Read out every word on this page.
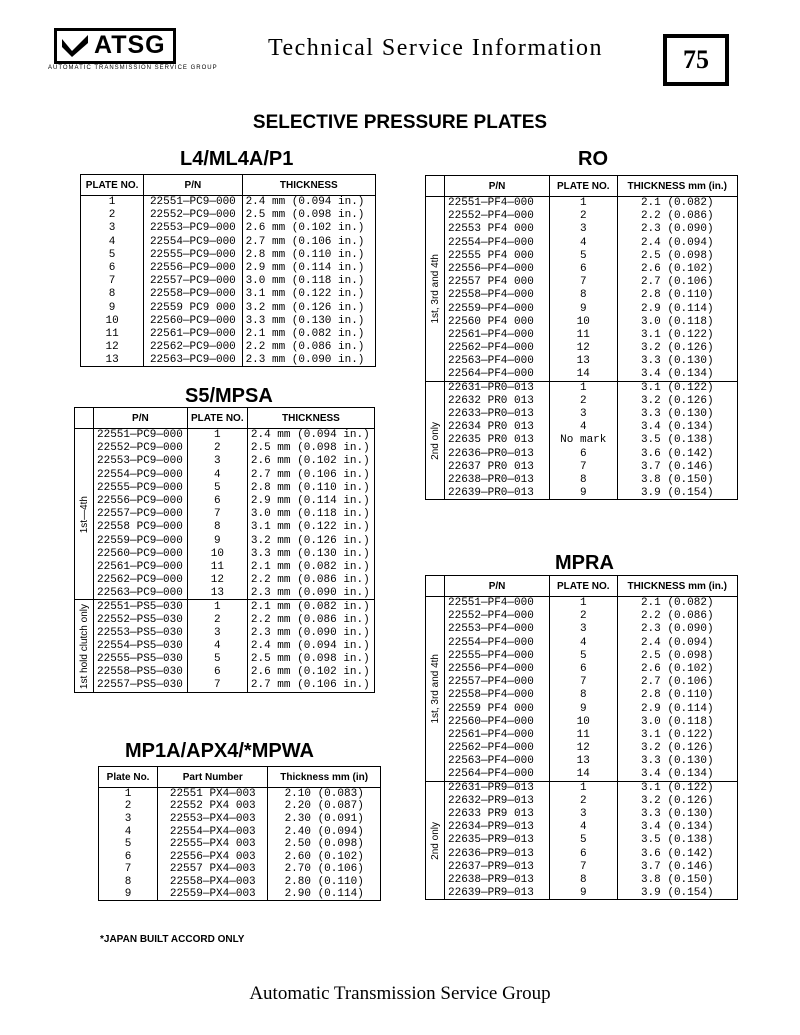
ATSG
AUTOMATIC TRANSMISSION SERVICE GROUP
Technical Service Information	75
SELECTIVE PRESSURE PLATES
L4/ML4A/P1
PLATE NO.	P/N	THICKNESS
1	22551—PC9—000	2.4 mm (0.094 in.)
2	22552—PC9—000	2.5 mm (0.098 in.)
3	22553—PC9—000	2.6 mm (0.102 in.)
4	22554—PC9—000	2.7 mm (0.106 in.)
5	22555—PC9—000	2.8 mm (0.110 in.)
6	22556—PC9—000	2.9 mm (0.114 in.)
7	22557—PC9—000	3.0 mm (0.118 in.)
8	22558—PC9—000	3.1 mm (0.122 in.)
9	22559 PC9 000	3.2 mm (0.126 in.)
10	22560—PC9—000	3.3 mm (0.130 in.)
11	22561—PC9—000	2.1 mm (0.082 in.)
12	22562—PC9—000	2.2 mm (0.086 in.)
13	22563—PC9—000	2.3 mm (0.090 in.)
S5/MPSA
	P/N	PLATE NO.	THICKNESS

1st—4th	22551—PC9—000	1	2.4 mm (0.094 in.)
	22552—PC9—000	2	2.5 mm (0.098 in.)
	22553—PC9—000	3	2.6 mm (0.102 in.)
	22554—PC9—000	4	2.7 mm (0.106 in.)
	22555—PC9—000	5	2.8 mm (0.110 in.)
	22556—PC9—000	6	2.9 mm (0.114 in.)
	22557—PC9—000	7	3.0 mm (0.118 in.)
	22558 PC9—000	8	3.1 mm (0.122 in.)
	22559—PC9—000	9	3.2 mm (0.126 in.)
	22560—PC9—000	10	3.3 mm (0.130 in.)
	22561—PC9—000	11	2.1 mm (0.082 in.)
	22562—PC9—000	12	2.2 mm (0.086 in.)
	22563—PC9—000	13	2.3 mm (0.090 in.)

1st hold clutch only	22551—PS5—030	1	2.1 mm (0.082 in.)
	22552—PS5—030	2	2.2 mm (0.086 in.)
	22553—PS5—030	3	2.3 mm (0.090 in.)
	22554—PS5—030	4	2.4 mm (0.094 in.)
	22555—PS5—030	5	2.5 mm (0.098 in.)
	22558—PS5—030	6	2.6 mm (0.102 in.)
	22557—PS5—030	7	2.7 mm (0.106 in.)
MP1A/APX4/*MPWA
Plate No.	Part Number	Thickness mm (in)
1	22551 PX4—003	2.10 (0.083)
2	22552 PX4 003	2.20 (0.087)
3	22553—PX4—003	2.30 (0.091)
4	22554—PX4—003	2.40 (0.094)
5	22555—PX4 003	2.50 (0.098)
6	22556—PX4 003	2.60 (0.102)
7	22557 PX4—003	2.70 (0.106)
8	22558—PX4—003	2.80 (0.110)
9	22559—PX4—003	2.90 (0.114)
*JAPAN BUILT ACCORD ONLY
RO
	P/N	PLATE NO.	THICKNESS mm (in.)

1st, 3rd and 4th	22551—PF4—000	1	2.1 (0.082)
	22552—PF4—000	2	2.2 (0.086)
	22553 PF4 000	3	2.3 (0.090)
	22554—PF4—000	4	2.4 (0.094)
	22555 PF4 000	5	2.5 (0.098)
	22556—PF4—000	6	2.6 (0.102)
	22557 PF4 000	7	2.7 (0.106)
	22558—PF4—000	8	2.8 (0.110)
	22559—PF4—000	9	2.9 (0.114)
	22560 PF4 000	10	3.0 (0.118)
	22561—PF4—000	11	3.1 (0.122)
	22562—PF4—000	12	3.2 (0.126)
	22563—PF4—000	13	3.3 (0.130)
	22564—PF4—000	14	3.4 (0.134)

2nd only	22631—PR0—013	1	3.1 (0.122)
	22632 PR0 013	2	3.2 (0.126)
	22633—PR0—013	3	3.3 (0.130)
	22634 PR0 013	4	3.4 (0.134)
	22635 PR0 013	No mark	3.5 (0.138)
	22636—PR0—013	6	3.6 (0.142)
	22637 PR0 013	7	3.7 (0.146)
	22638—PR0—013	8	3.8 (0.150)
	22639—PR0—013	9	3.9 (0.154)
MPRA
	P/N	PLATE NO.	THICKNESS mm (in.)

1st, 3rd and 4th	22551—PF4—000	1	2.1 (0.082)
	22552—PF4—000	2	2.2 (0.086)
	22553—PF4—000	3	2.3 (0.090)
	22554—PF4—000	4	2.4 (0.094)
	22555—PF4—000	5	2.5 (0.098)
	22556—PF4—000	6	2.6 (0.102)
	22557—PF4—000	7	2.7 (0.106)
	22558—PF4—000	8	2.8 (0.110)
	22559 PF4 000	9	2.9 (0.114)
	22560—PF4—000	10	3.0 (0.118)
	22561—PF4—000	11	3.1 (0.122)
	22562—PF4—000	12	3.2 (0.126)
	22563—PF4—000	13	3.3 (0.130)
	22564—PF4—000	14	3.4 (0.134)

2nd only	22631—PR9—013	1	3.1 (0.122)
	22632—PR9—013	2	3.2 (0.126)
	22633 PR9 013	3	3.3 (0.130)
	22634—PR9—013	4	3.4 (0.134)
	22635—PR9—013	5	3.5 (0.138)
	22636—PR9—013	6	3.6 (0.142)
	22637—PR9—013	7	3.7 (0.146)
	22638—PR9—013	8	3.8 (0.150)
	22639—PR9—013	9	3.9 (0.154)
Automatic Transmission Service Group
